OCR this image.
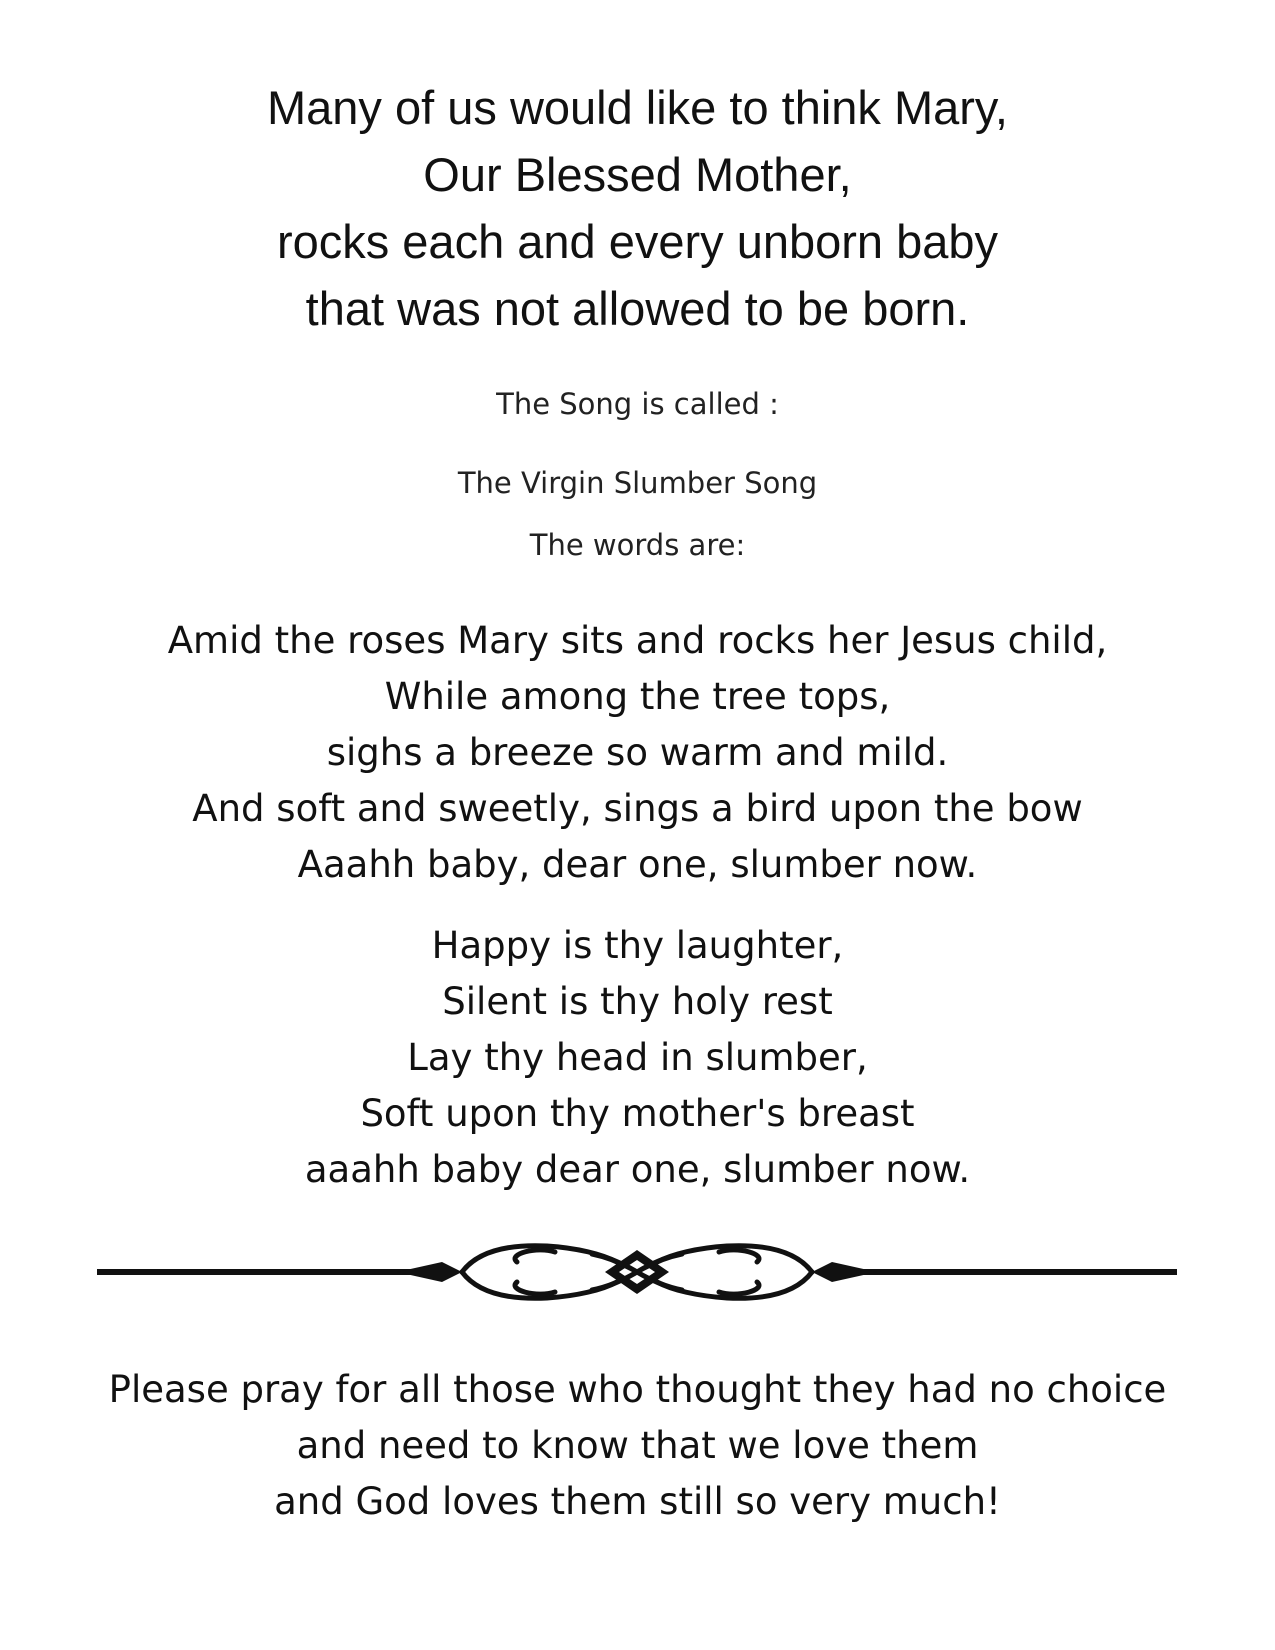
Many of us would like to think Mary,
Our Blessed Mother,
rocks each and every unborn baby
that was not allowed to be born.
The Song is called :
The Virgin Slumber Song
The words are:
Amid the roses Mary sits and rocks her Jesus child,
While among the tree tops,
sighs a breeze so warm and mild.
And soft and sweetly, sings a bird upon the bow
Aaahh baby, dear one, slumber now.
Happy is thy laughter,
Silent is thy holy rest
Lay thy head in slumber,
Soft upon thy mother's breast
aaahh baby dear one, slumber now.
Please pray for all those who thought they had no choice
and need to know that we love them
and God loves them still so very much!
